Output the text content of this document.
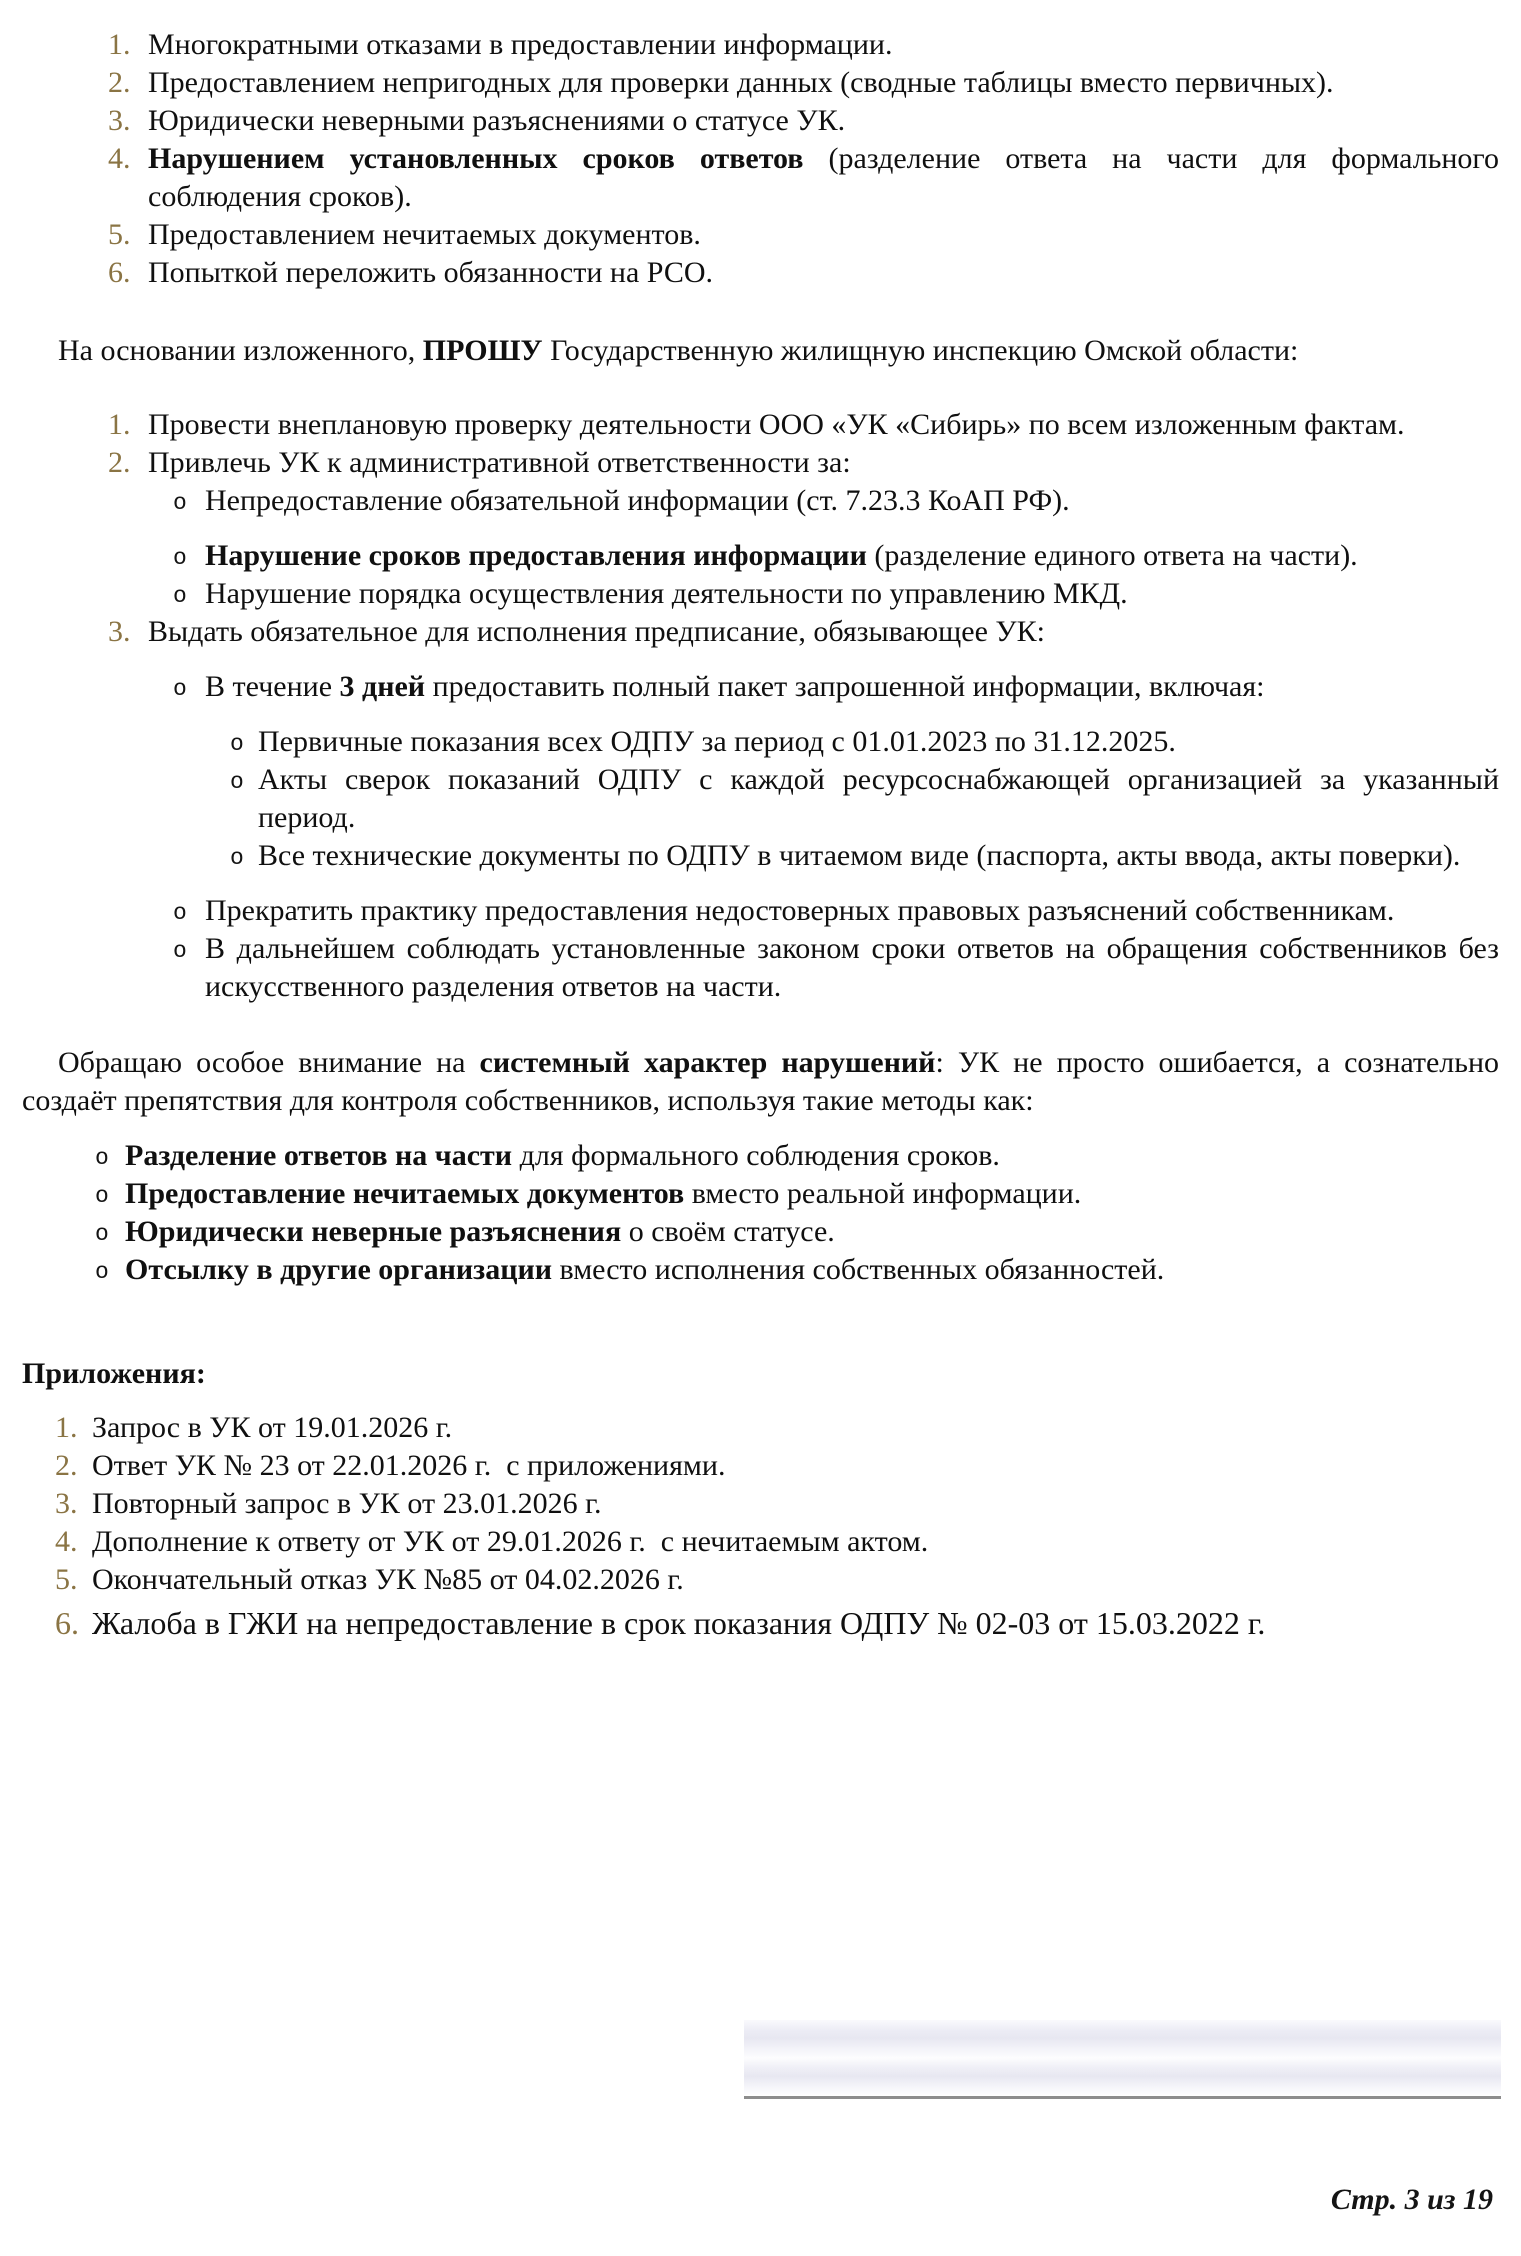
1. Многократными отказами в предоставлении информации.
2. Предоставлением непригодных для проверки данных (сводные таблицы вместо первичных).
3. Юридически неверными разъяснениями о статусе УК.
4. Нарушением установленных сроков ответов (разделение ответа на части для формального соблюдения сроков).
5. Предоставлением нечитаемых документов.
6. Попыткой переложить обязанности на РСО.

На основании изложенного, ПРОШУ Государственную жилищную инспекцию Омской области:

1. Провести внеплановую проверку деятельности ООО «УК «Сибирь» по всем изложенным фактам.
2. Привлечь УК к административной ответственности за:
o Непредоставление обязательной информации (ст. 7.23.3 КоАП РФ).
o Нарушение сроков предоставления информации (разделение единого ответа на части).
o Нарушение порядка осуществления деятельности по управлению МКД.
3. Выдать обязательное для исполнения предписание, обязывающее УК:
o В течение 3 дней предоставить полный пакет запрошенной информации, включая:
o Первичные показания всех ОДПУ за период с 01.01.2023 по 31.12.2025.
o Акты сверок показаний ОДПУ с каждой ресурсоснабжающей организацией за указанный период.
o Все технические документы по ОДПУ в читаемом виде (паспорта, акты ввода, акты поверки).
o Прекратить практику предоставления недостоверных правовых разъяснений собственникам.
o В дальнейшем соблюдать установленные законом сроки ответов на обращения собственников без искусственного разделения ответов на части.

Обращаю особое внимание на системный характер нарушений: УК не просто ошибается, а сознательно создаёт препятствия для контроля собственников, используя такие методы как:

o Разделение ответов на части для формального соблюдения сроков.
o Предоставление нечитаемых документов вместо реальной информации.
o Юридически неверные разъяснения о своём статусе.
o Отсылку в другие организации вместо исполнения собственных обязанностей.
Приложения:
1. Запрос в УК от 19.01.2026 г.
2. Ответ УК № 23 от 22.01.2026 г.  с приложениями.
3. Повторный запрос в УК от 23.01.2026 г.
4. Дополнение к ответу от УК от 29.01.2026 г.  с нечитаемым актом.
5. Окончательный отказ УК №85 от 04.02.2026 г.
6. Жалоба в ГЖИ на непредоставление в срок показания ОДПУ № 02-03 от 15.03.2022 г.
Стр. 3 из 19
